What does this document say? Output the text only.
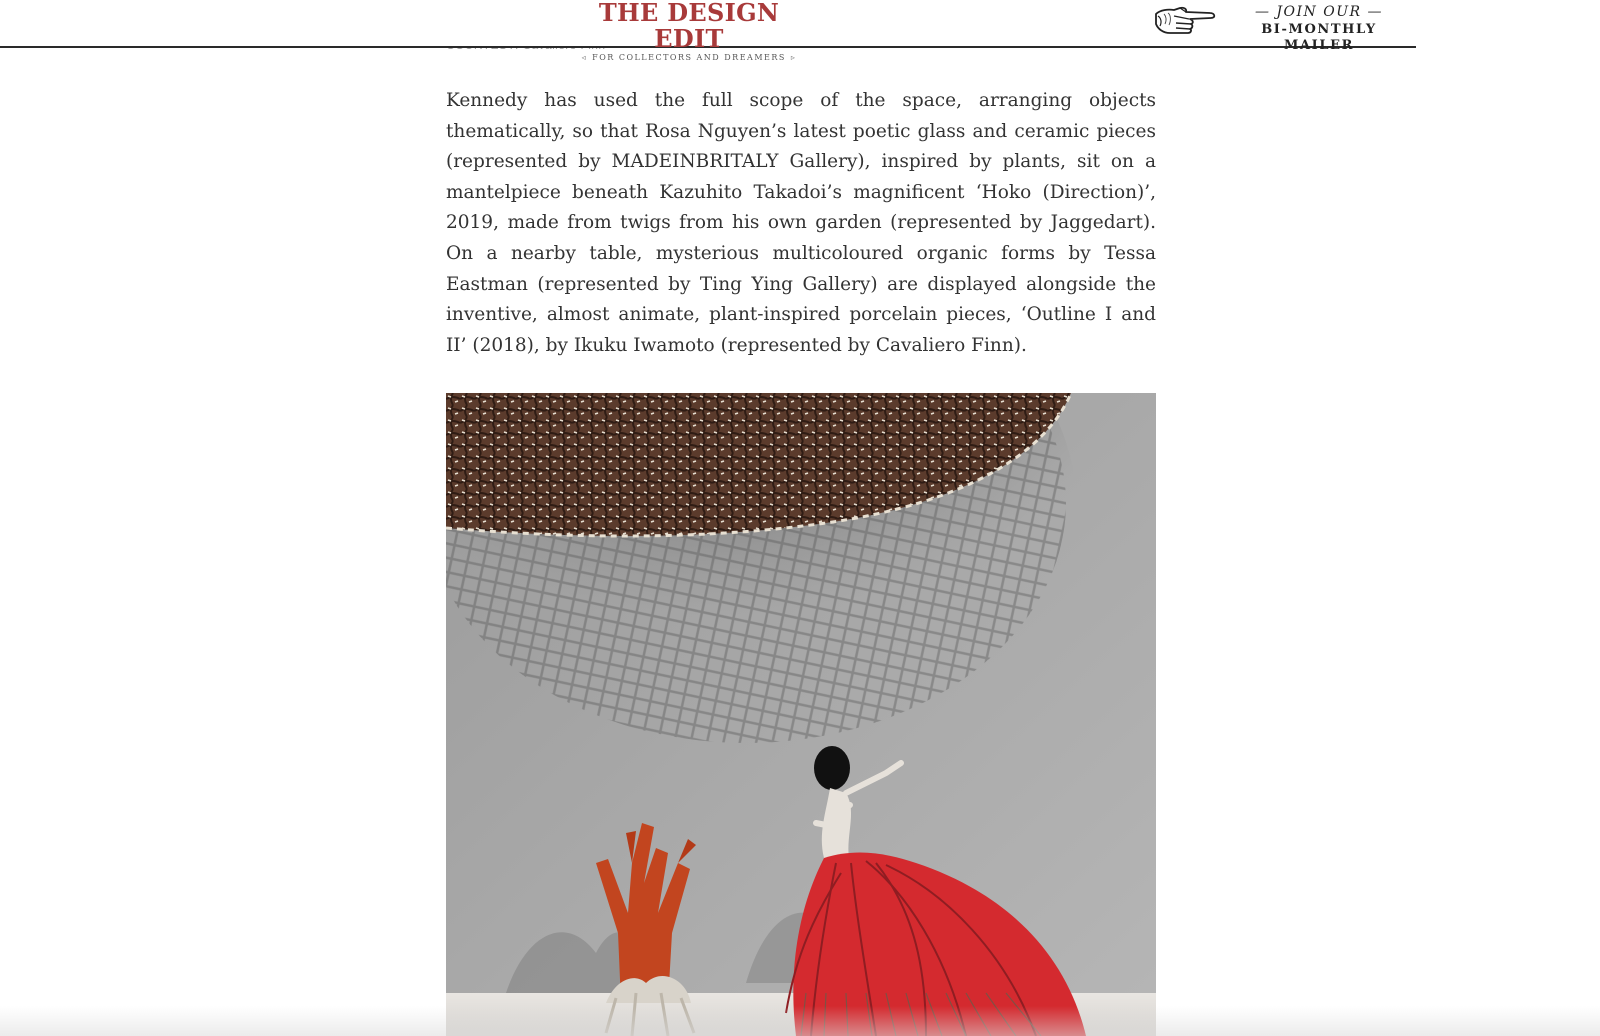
THE DESIGN EDIT
◃ FOR COLLECTORS AND DREAMERS ▹
— JOIN OUR —
BI-MONTHLY MAILER

Kennedy has used the full scope of the space, arranging objects thematically, so that Rosa Nguyen’s latest poetic glass and ceramic pieces (represented by MADEINBRITALY Gallery), inspired by plants, sit on a mantelpiece beneath Kazuhito Takadoi’s magnificent ‘Hoko (Direction)’, 2019, made from twigs from his own garden (represented by Jaggedart). On a nearby table, mysterious multicoloured organic forms by Tessa Eastman (represented by Ting Ying Gallery) are displayed alongside the inventive, almost animate, plant-inspired porcelain pieces, ‘Outline I and II’ (2018), by Ikuku Iwamoto (represented by Cavaliero Finn).
